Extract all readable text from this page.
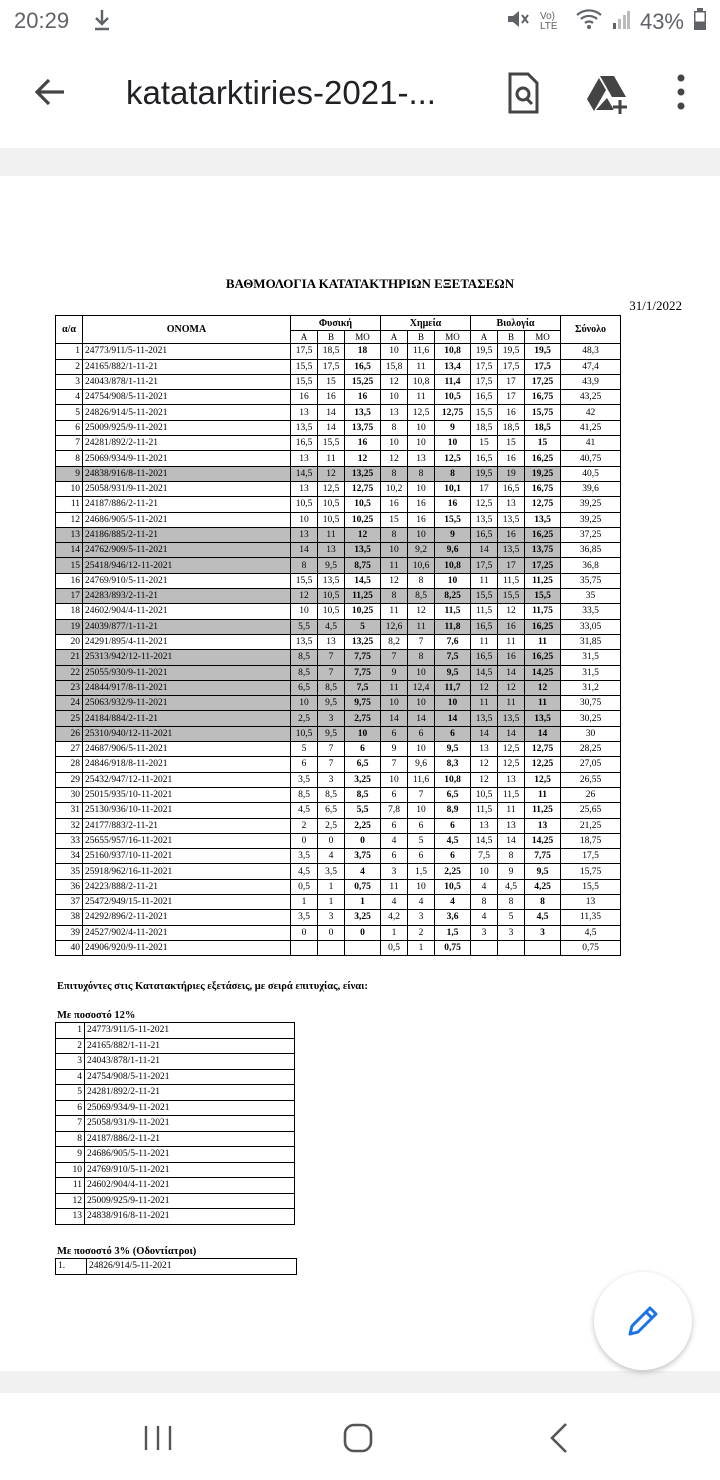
20:29	Vo) LTE	43%
katatarktiries-2021-...
ΒΑΘΜΟΛΟΓΙΑ ΚΑΤΑΤΑΚΤΗΡΙΩΝ ΕΞΕΤΑΣΕΩΝ
31/1/2022
α/α	ΟΝΟΜΑ	Φυσική			Χημεία			Βιολογία			Σύνολο
		Α	Β	ΜΟ	Α	Β	ΜΟ	Α	Β	ΜΟ	
1	24773/911/5-11-2021	17,5	18,5	18	10	11,6	10,8	19,5	19,5	19,5	48,3
2	24165/882/1-11-21	15,5	17,5	16,5	15,8	11	13,4	17,5	17,5	17,5	47,4
3	24043/878/1-11-21	15,5	15	15,25	12	10,8	11,4	17,5	17	17,25	43,9
4	24754/908/5-11-2021	16	16	16	10	11	10,5	16,5	17	16,75	43,25
5	24826/914/5-11-2021	13	14	13,5	13	12,5	12,75	15,5	16	15,75	42
6	25009/925/9-11-2021	13,5	14	13,75	8	10	9	18,5	18,5	18,5	41,25
7	24281/892/2-11-21	16,5	15,5	16	10	10	10	15	15	15	41
8	25069/934/9-11-2021	13	11	12	12	13	12,5	16,5	16	16,25	40,75
9	24838/916/8-11-2021	14,5	12	13,25	8	8	8	19,5	19	19,25	40,5
10	25058/931/9-11-2021	13	12,5	12,75	10,2	10	10,1	17	16,5	16,75	39,6
11	24187/886/2-11-21	10,5	10,5	10,5	16	16	16	12,5	13	12,75	39,25
12	24686/905/5-11-2021	10	10,5	10,25	15	16	15,5	13,5	13,5	13,5	39,25
13	24186/885/2-11-21	13	11	12	8	10	9	16,5	16	16,25	37,25
14	24762/909/5-11-2021	14	13	13,5	10	9,2	9,6	14	13,5	13,75	36,85
15	25418/946/12-11-2021	8	9,5	8,75	11	10,6	10,8	17,5	17	17,25	36,8
16	24769/910/5-11-2021	15,5	13,5	14,5	12	8	10	11	11,5	11,25	35,75
17	24283/893/2-11-21	12	10,5	11,25	8	8,5	8,25	15,5	15,5	15,5	35
18	24602/904/4-11-2021	10	10,5	10,25	11	12	11,5	11,5	12	11,75	33,5
19	24039/877/1-11-21	5,5	4,5	5	12,6	11	11,8	16,5	16	16,25	33,05
20	24291/895/4-11-2021	13,5	13	13,25	8,2	7	7,6	11	11	11	31,85
21	25313/942/12-11-2021	8,5	7	7,75	7	8	7,5	16,5	16	16,25	31,5
22	25055/930/9-11-2021	8,5	7	7,75	9	10	9,5	14,5	14	14,25	31,5
23	24844/917/8-11-2021	6,5	8,5	7,5	11	12,4	11,7	12	12	12	31,2
24	25063/932/9-11-2021	10	9,5	9,75	10	10	10	11	11	11	30,75
25	24184/884/2-11-21	2,5	3	2,75	14	14	14	13,5	13,5	13,5	30,25
26	25310/940/12-11-2021	10,5	9,5	10	6	6	6	14	14	14	30
27	24687/906/5-11-2021	5	7	6	9	10	9,5	13	12,5	12,75	28,25
28	24846/918/8-11-2021	6	7	6,5	7	9,6	8,3	12	12,5	12,25	27,05
29	25432/947/12-11-2021	3,5	3	3,25	10	11,6	10,8	12	13	12,5	26,55
30	25015/935/10-11-2021	8,5	8,5	8,5	6	7	6,5	10,5	11,5	11	26
31	25130/936/10-11-2021	4,5	6,5	5,5	7,8	10	8,9	11,5	11	11,25	25,65
32	24177/883/2-11-21	2	2,5	2,25	6	6	6	13	13	13	21,25
33	25655/957/16-11-2021	0	0	0	4	5	4,5	14,5	14	14,25	18,75
34	25160/937/10-11-2021	3,5	4	3,75	6	6	6	7,5	8	7,75	17,5
35	25918/962/16-11-2021	4,5	3,5	4	3	1,5	2,25	10	9	9,5	15,75
36	24223/888/2-11-21	0,5	1	0,75	11	10	10,5	4	4,5	4,25	15,5
37	25472/949/15-11-2021	1	1	1	4	4	4	8	8	8	13
38	24292/896/2-11-2021	3,5	3	3,25	4,2	3	3,6	4	5	4,5	11,35
39	24527/902/4-11-2021	0	0	0	1	2	1,5	3	3	3	4,5
40	24906/920/9-11-2021				0,5	1	0,75				0,75
Επιτυχόντες στις Κατατακτήριες εξετάσεις, με σειρά επιτυχίας, είναι:
Με ποσοστό 12%
1	24773/911/5-11-2021
2	24165/882/1-11-21
3	24043/878/1-11-21
4	24754/908/5-11-2021
5	24281/892/2-11-21
6	25069/934/9-11-2021
7	25058/931/9-11-2021
8	24187/886/2-11-21
9	24686/905/5-11-2021
10	24769/910/5-11-2021
11	24602/904/4-11-2021
12	25009/925/9-11-2021
13	24838/916/8-11-2021
Με ποσοστό 3% (Οδοντίατροι)
1.	24826/914/5-11-2021
